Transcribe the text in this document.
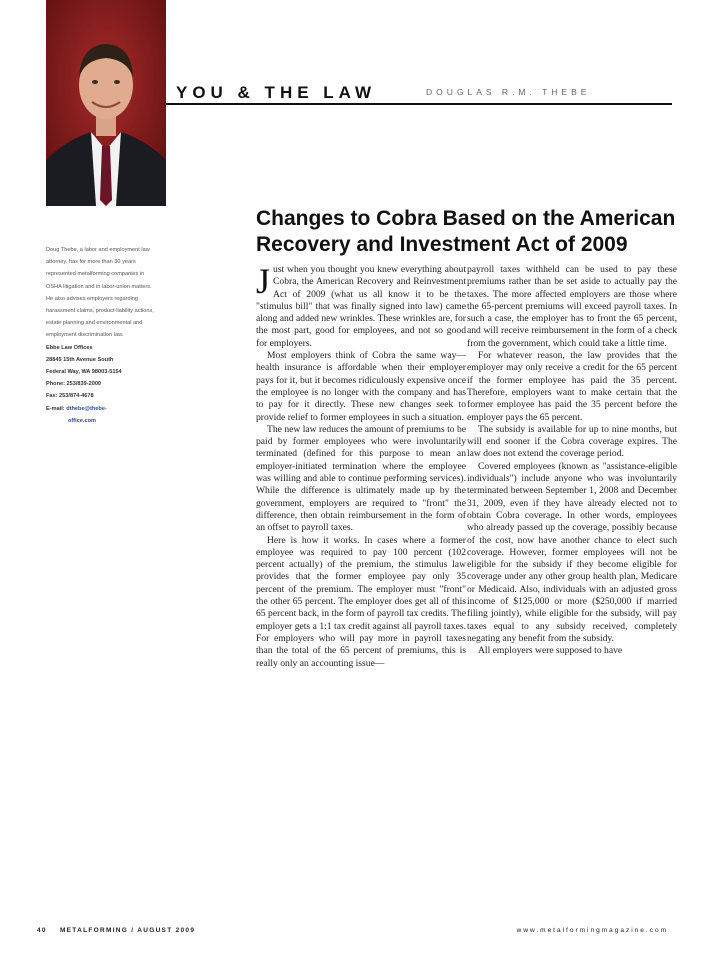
YOU & THE LAW	DOUGLAS R.M. THEBE
Changes to Cobra Based on the American Recovery and Investment Act of 2009

Doug Thebe, a labor and employment law attorney, has for more than 30 years represented metalforming companies in OSHA litigation and in labor-union matters. He also advises employers regarding harassment claims, product-liability actions, estate planning and environmental and employment discrimination law.

Ebbe Law Offices

28845 15th Avenue South

Federal Way, WA 98003-5154

Phone: 253/839-2000

Fax: 253/874-4678

E-mail: dthebe@thebe-

office.com

Just when you thought you knew everything about Cobra, the American Recovery and Reinvestment Act of 2009 (what us all know it to be the "stimulus bill" that was finally signed into law) came along and added new wrinkles. These wrinkles are, for the most part, good for employees, and not so good for employers.

Most employers think of Cobra the same way—health insurance is affordable when their employer pays for it, but it becomes ridiculously expensive once the employee is no longer with the company and has to pay for it directly. These new changes seek to provide relief to former employees in such a situation.

The new law reduces the amount of premiums to be paid by former employees who were involuntarily terminated (defined for this purpose to mean an employer-initiated termination where the employee was willing and able to continue performing services). While the difference is ultimately made up by the government, employers are required to "front" the difference, then obtain reimbursement in the form of an offset to payroll taxes.

Here is how it works. In cases where a former employee was required to pay 100 percent (102 percent actually) of the premium, the stimulus law provides that the former employee pay only 35 percent of the premium. The employer must "front" the other 65 percent. The employer does get all of this 65 percent back, in the form of payroll tax credits. The employer gets a 1:1 tax credit against all payroll taxes. For employers who will pay more in payroll taxes than the total of the 65 percent of premiums, this is really only an accounting issue—

payroll taxes withheld can be used to pay these premiums rather than be set aside to actually pay the taxes. The more affected employers are those where the 65-percent premiums will exceed payroll taxes. In such a case, the employer has to front the 65 percent, and will receive reimbursement in the form of a check from the government, which could take a little time.

For whatever reason, the law provides that the employer may only receive a credit for the 65 percent if the former employee has paid the 35 percent. Therefore, employers want to make certain that the former employee has paid the 35 percent before the employer pays the 65 percent.

The subsidy is available for up to nine months, but will end sooner if the Cobra coverage expires. The law does not extend the coverage period.

Covered employees (known as "assistance-eligible individuals") include anyone who was involuntarily terminated between September 1, 2008 and December 31, 2009, even if they have already elected not to obtain Cobra coverage. In other words, employees who already passed up the coverage, possibly because of the cost, now have another chance to elect such coverage. However, former employees will not be eligible for the subsidy if they become eligible for coverage under any other group health plan, Medicare or Medicaid. Also, individuals with an adjusted gross income of $125,000 or more ($250,000 if married filing jointly), while eligible for the subsidy, will pay taxes equal to any subsidy received, completely negating any benefit from the subsidy.

All employers were supposed to have

40 METALFORMING / AUGUST 2009	www.metalformingmagazine.com
